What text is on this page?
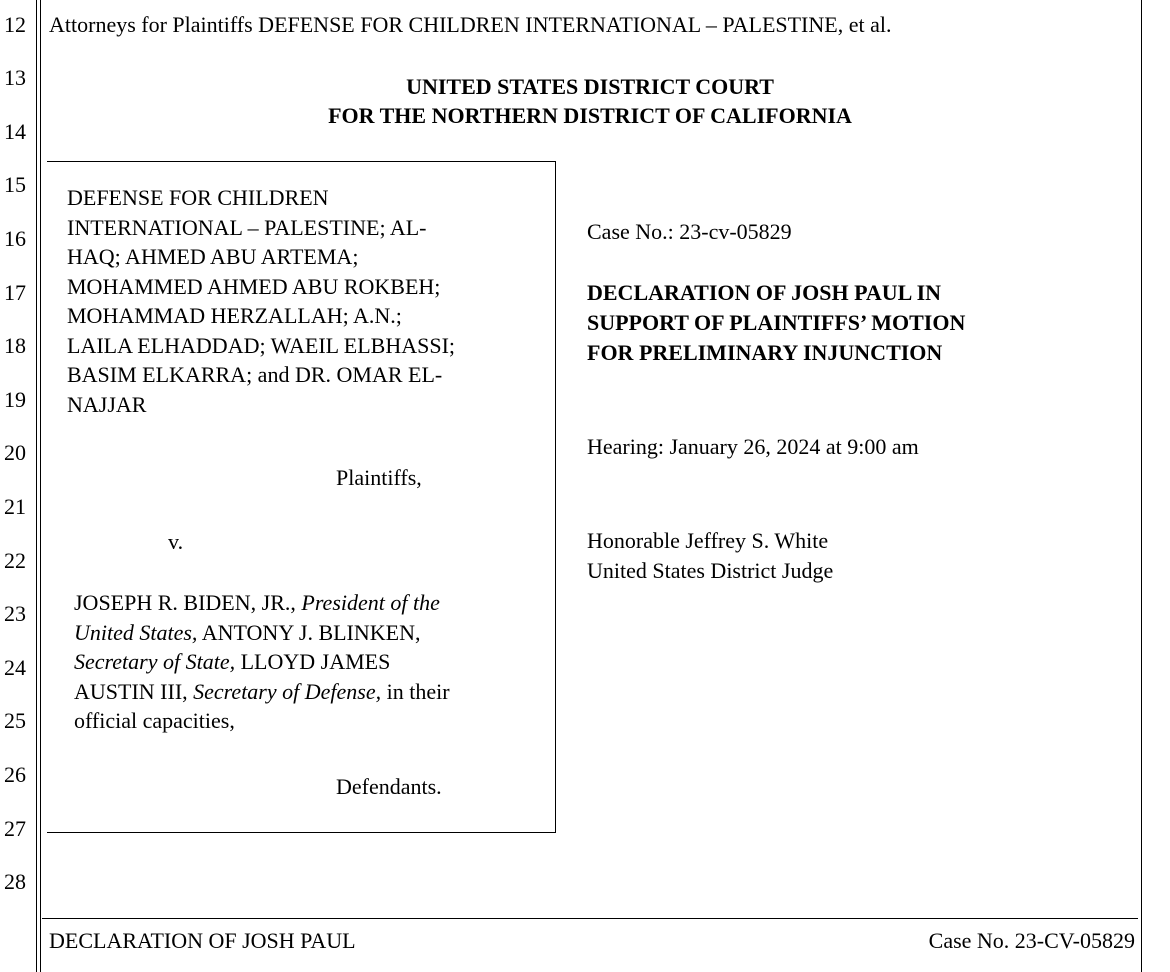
12
13
14
15
16
17
18
19
20
21
22
23
24
25
26
27
28
Attorneys for Plaintiffs DEFENSE FOR CHILDREN INTERNATIONAL – PALESTINE, et al.
UNITED STATES DISTRICT COURT
FOR THE NORTHERN DISTRICT OF CALIFORNIA
DEFENSE FOR CHILDREN
INTERNATIONAL – PALESTINE; AL-
HAQ; AHMED ABU ARTEMA;
MOHAMMED AHMED ABU ROKBEH;
MOHAMMAD HERZALLAH; A.N.;
LAILA ELHADDAD; WAEIL ELBHASSI;
BASIM ELKARRA; and DR. OMAR EL-
NAJJAR
Plaintiffs,
v.
JOSEPH R. BIDEN, JR., President of the
United States, ANTONY J. BLINKEN,
Secretary of State, LLOYD JAMES
AUSTIN III, Secretary of Defense, in their
official capacities,
Defendants.
Case No.: 23-cv-05829
DECLARATION OF JOSH PAUL IN
SUPPORT OF PLAINTIFFS’ MOTION
FOR PRELIMINARY INJUNCTION
Hearing: January 26, 2024 at 9:00 am
Honorable Jeffrey S. White
United States District Judge
DECLARATION OF JOSH PAUL	Case No. 23-CV-05829
